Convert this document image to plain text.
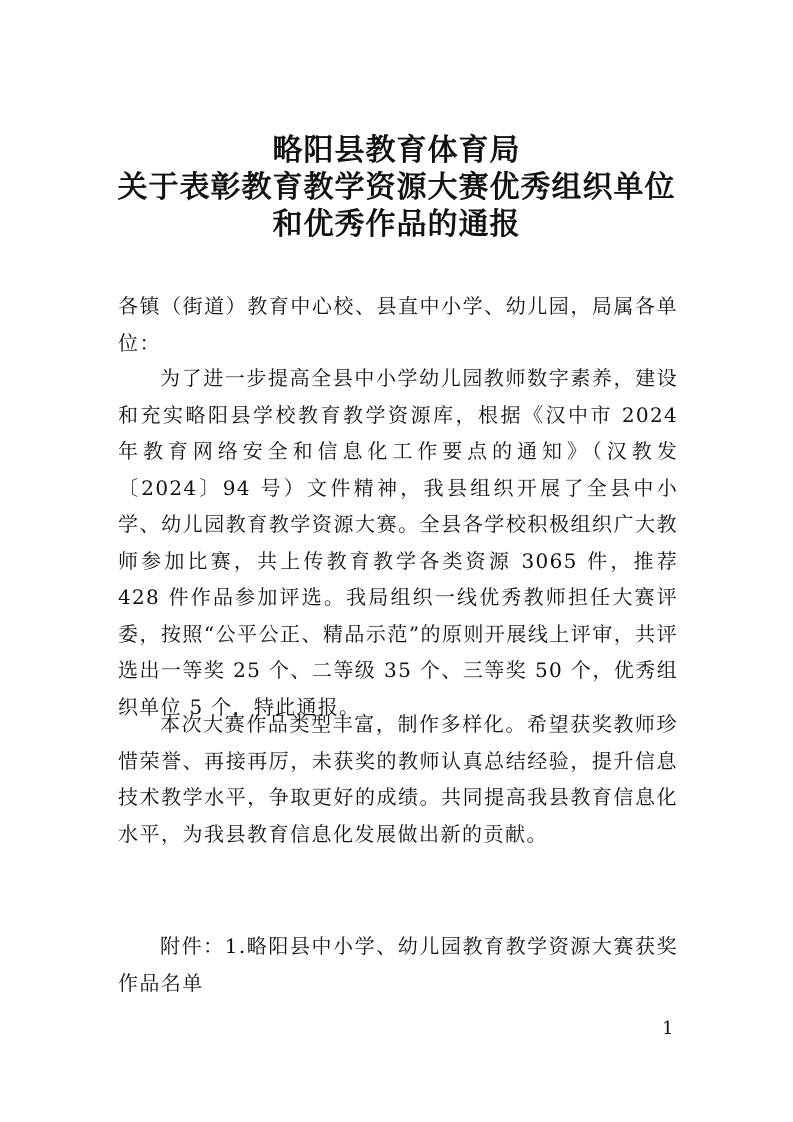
略阳县教育体育局
关于表彰教育教学资源大赛优秀组织单位
和优秀作品的通报

各镇（街道）教育中心校、县直中小学、幼儿园，局属各单位：

为了进一步提高全县中小学幼儿园教师数字素养，建设和充实略阳县学校教育教学资源库，根据《汉中市 2024 年教育网络安全和信息化工作要点的通知》（汉教发〔2024〕94 号）文件精神，我县组织开展了全县中小学、幼儿园教育教学资源大赛。全县各学校积极组织广大教师参加比赛，共上传教育教学各类资源 3065 件，推荐 428 件作品参加评选。我局组织一线优秀教师担任大赛评委，按照“公平公正、精品示范”的原则开展线上评审，共评选出一等奖 25 个、二等级 35 个、三等奖 50 个，优秀组织单位 5 个，特此通报。

本次大赛作品类型丰富，制作多样化。希望获奖教师珍惜荣誉、再接再厉，未获奖的教师认真总结经验，提升信息技术教学水平，争取更好的成绩。共同提高我县教育信息化水平，为我县教育信息化发展做出新的贡献。

附件：1.略阳县中小学、幼儿园教育教学资源大赛获奖作品名单

1
